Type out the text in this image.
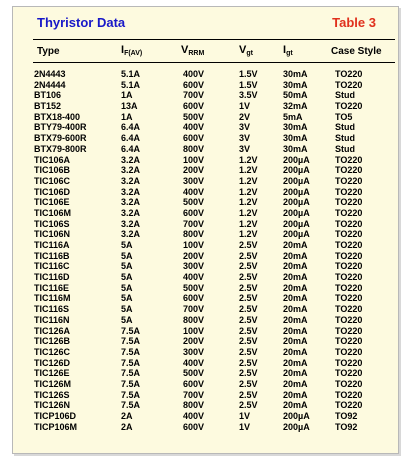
Thyristor Data	Table 3
Type	$I_{F(AV)}$	$V_{RRM}$	$V_{gt}$	$I_{gt}$	Case Style
2N4443	5.1A	400V	1.5V	30mA	TO220
2N4444	5.1A	600V	1.5V	30mA	TO220
BT106	1A	700V	3.5V	50mA	Stud
BT152	13A	600V	1V	32mA	TO220
BTX18-400	1A	500V	2V	5mA	TO5
BTY79-400R	6.4A	400V	3V	30mA	Stud
BTX79-600R	6.4A	600V	3V	30mA	Stud
BTX79-800R	6.4A	800V	3V	30mA	Stud
TIC106A	3.2A	100V	1.2V	200µA	TO220
TIC106B	3.2A	200V	1.2V	200µA	TO220
TIC106C	3.2A	300V	1.2V	200µA	TO220
TIC106D	3.2A	400V	1.2V	200µA	TO220
TIC106E	3.2A	500V	1.2V	200µA	TO220
TIC106M	3.2A	600V	1.2V	200µA	TO220
TIC106S	3.2A	700V	1.2V	200µA	TO220
TIC106N	3.2A	800V	1.2V	200µA	TO220
TIC116A	5A	100V	2.5V	20mA	TO220
TIC116B	5A	200V	2.5V	20mA	TO220
TIC116C	5A	300V	2.5V	20mA	TO220
TIC116D	5A	400V	2.5V	20mA	TO220
TIC116E	5A	500V	2.5V	20mA	TO220
TIC116M	5A	600V	2.5V	20mA	TO220
TIC116S	5A	700V	2.5V	20mA	TO220
TIC116N	5A	800V	2.5V	20mA	TO220
TIC126A	7.5A	100V	2.5V	20mA	TO220
TIC126B	7.5A	200V	2.5V	20mA	TO220
TIC126C	7.5A	300V	2.5V	20mA	TO220
TIC126D	7.5A	400V	2.5V	20mA	TO220
TIC126E	7.5A	500V	2.5V	20mA	TO220
TIC126M	7.5A	600V	2.5V	20mA	TO220
TIC126S	7.5A	700V	2.5V	20mA	TO220
TIC126N	7.5A	800V	2.5V	20mA	TO220
TICP106D	2A	400V	1V	200µA	TO92
TICP106M	2A	600V	1V	200µA	TO92
